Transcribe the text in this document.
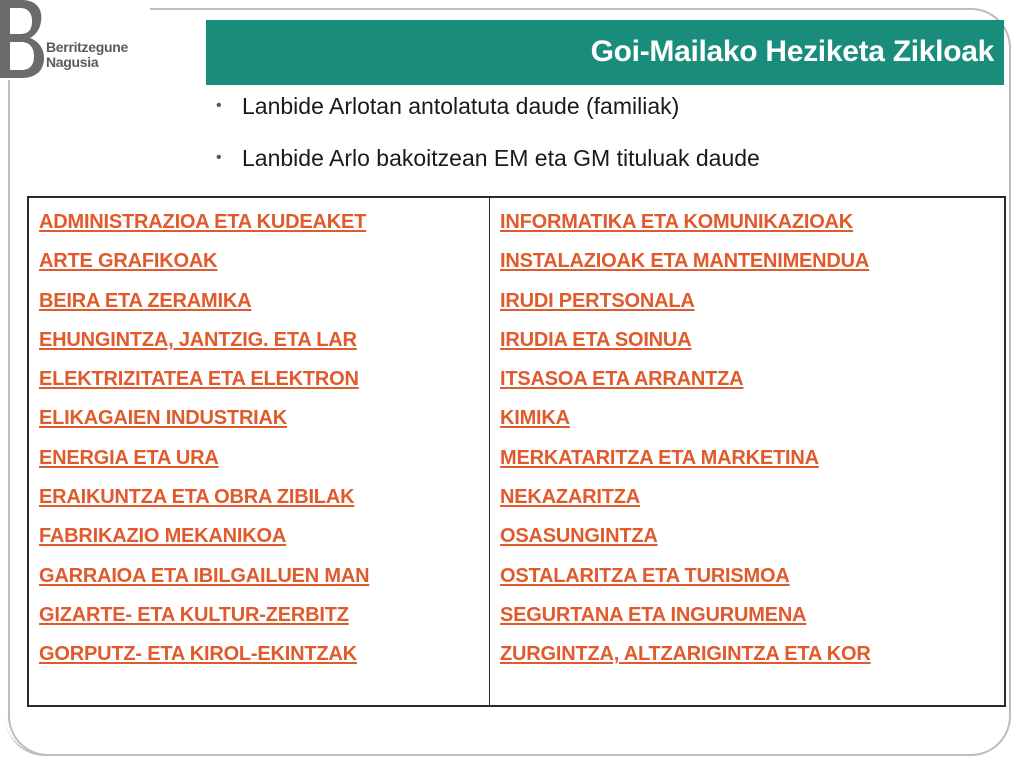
Berritzegune
Nagusia	Goi-Mailako Heziketa Zikloak
• Lanbide Arlotan antolatuta daude (familiak)
• Lanbide Arlo bakoitzean EM eta GM tituluak daude
ADMINISTRAZIOA ETA KUDEAKET
ARTE GRAFIKOAK
BEIRA ETA ZERAMIKA
EHUNGINTZA, JANTZIG. ETA LAR
ELEKTRIZITATEA ETA ELEKTRON
ELIKAGAIEN INDUSTRIAK
ENERGIA ETA URA
ERAIKUNTZA ETA OBRA ZIBILAK
FABRIKAZIO MEKANIKOA
GARRAIOA ETA IBILGAILUEN MAN
GIZARTE- ETA KULTUR-ZERBITZ
GORPUTZ- ETA KIROL-EKINTZAK
INFORMATIKA ETA KOMUNIKAZIOAK
INSTALAZIOAK ETA MANTENIMENDUA
IRUDI PERTSONALA
IRUDIA ETA SOINUA
ITSASOA ETA ARRANTZA
KIMIKA
MERKATARITZA ETA MARKETINA
NEKAZARITZA
OSASUNGINTZA
OSTALARITZA ETA TURISMOA
SEGURTANA ETA INGURUMENA
ZURGINTZA, ALTZARIGINTZA ETA KOR
